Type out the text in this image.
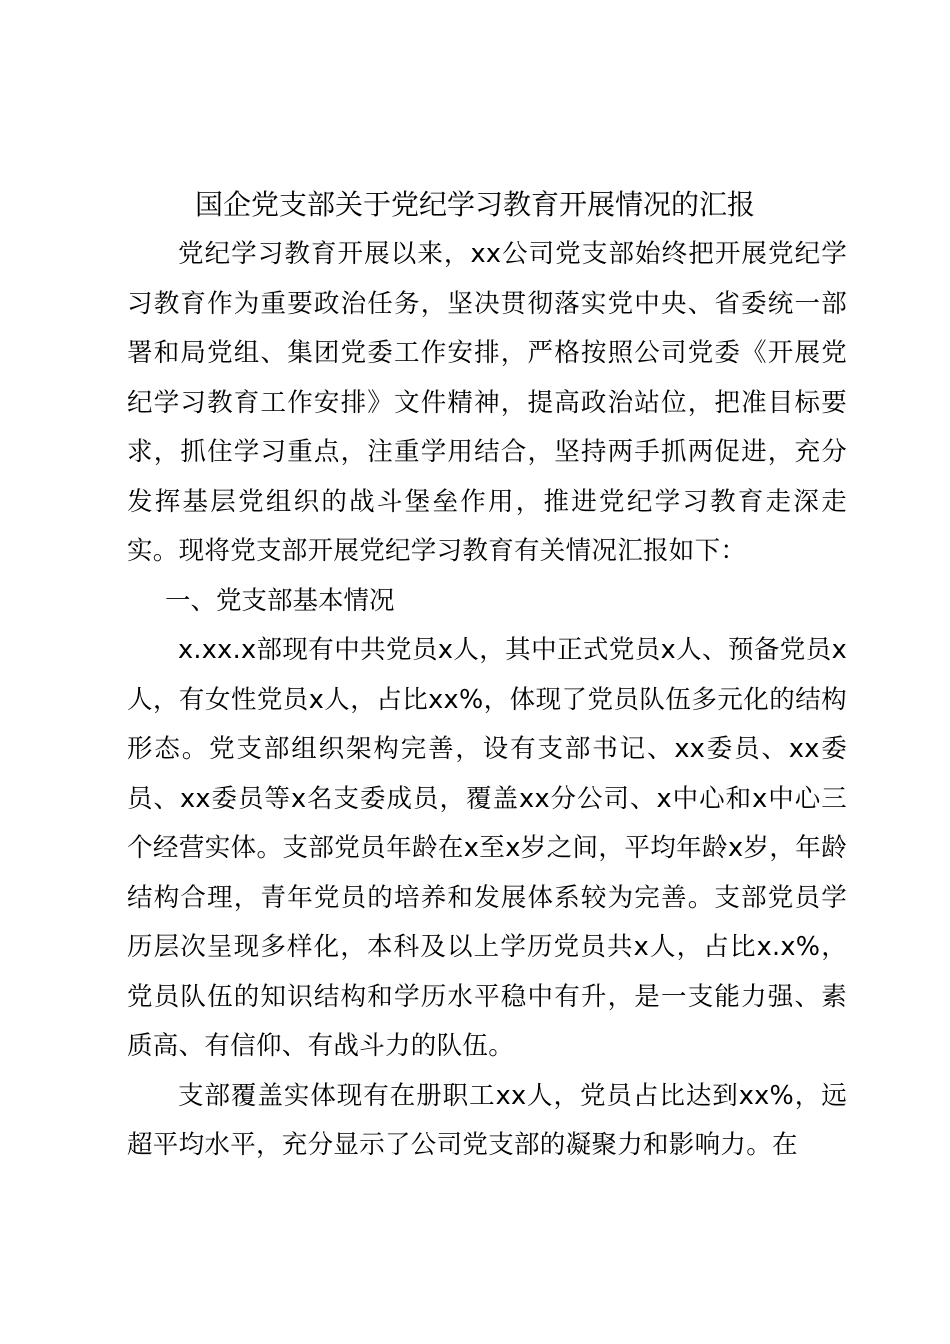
国企党支部关于党纪学习教育开展情况的汇报

党纪学习教育开展以来，xx公司党支部始终把开展党纪学习教育作为重要政治任务，坚决贯彻落实党中央、省委统一部署和局党组、集团党委工作安排，严格按照公司党委《开展党纪学习教育工作安排》文件精神，提高政治站位，把准目标要求，抓住学习重点，注重学用结合，坚持两手抓两促进，充分发挥基层党组织的战斗堡垒作用，推进党纪学习教育走深走实。现将党支部开展党纪学习教育有关情况汇报如下：

一、党支部基本情况

x.xx.x部现有中共党员x人，其中正式党员x人、预备党员x人，有女性党员x人，占比xx%，体现了党员队伍多元化的结构形态。党支部组织架构完善，设有支部书记、xx委员、xx委员、xx委员等x名支委成员，覆盖xx分公司、x中心和x中心三个经营实体。支部党员年龄在x至x岁之间，平均年龄x岁，年龄结构合理，青年党员的培养和发展体系较为完善。支部党员学历层次呈现多样化，本科及以上学历党员共x人，占比x.x%，党员队伍的知识结构和学历水平稳中有升，是一支能力强、素质高、有信仰、有战斗力的队伍。

支部覆盖实体现有在册职工xx人，党员占比达到xx%，远超平均水平，充分显示了公司党支部的凝聚力和影响力。在
